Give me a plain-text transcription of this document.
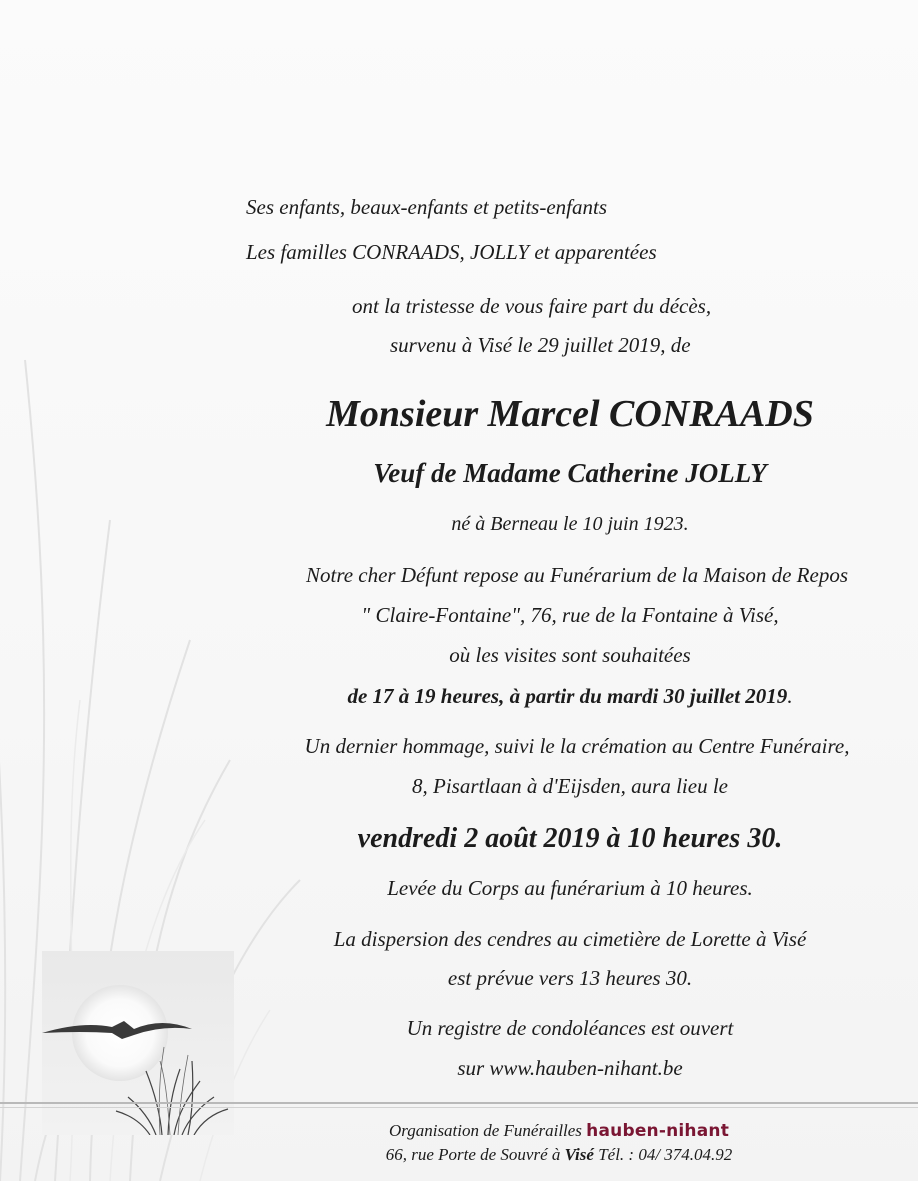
Ses enfants, beaux-enfants et petits-enfants
Les familles CONRAADS, JOLLY et apparentées
ont la tristesse de vous faire part du décès,
survenu à Visé le 29 juillet 2019, de
Monsieur Marcel CONRAADS
Veuf de Madame Catherine JOLLY
né à Berneau le 10 juin 1923.
Notre cher Défunt repose au Funérarium de la Maison de Repos
" Claire-Fontaine", 76, rue de la Fontaine à Visé,
où les visites sont souhaitées
de 17 à 19 heures, à partir du mardi 30 juillet 2019.
Un dernier hommage, suivi le la crémation au Centre Funéraire,
8, Pisartlaan à d'Eijsden, aura lieu le
vendredi 2 août 2019 à 10 heures 30.
Levée du Corps au funérarium à 10 heures.
La dispersion des cendres au cimetière de Lorette à Visé
est prévue vers 13 heures 30.
Un registre de condoléances est ouvert
sur www.hauben-nihant.be
Organisation de Funérailles hauben-nihant
66, rue Porte de Souvré à Visé Tél. : 04/ 374.04.92
